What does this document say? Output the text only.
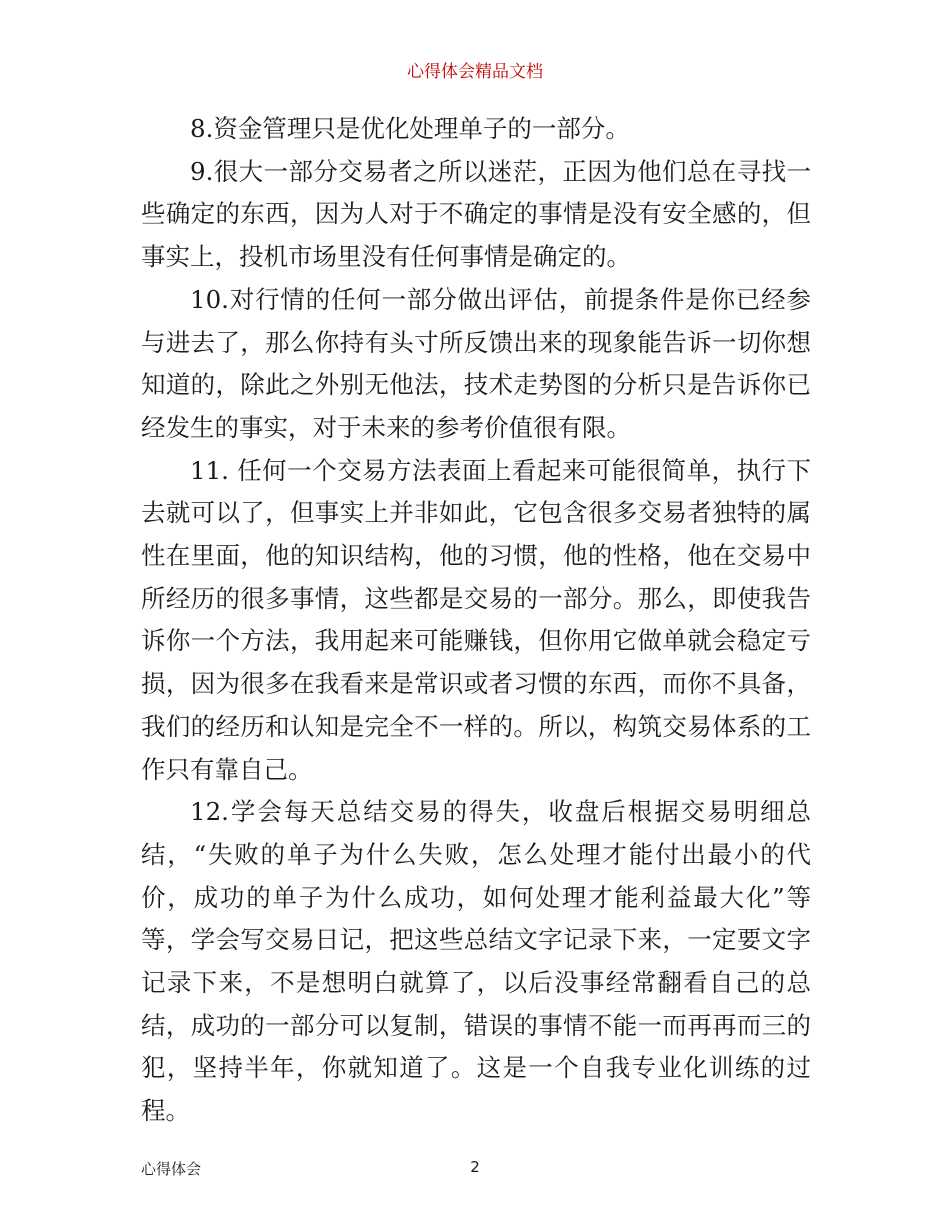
心得体会精品文档

8.资金管理只是优化处理单子的一部分。

9.很大一部分交易者之所以迷茫，正因为他们总在寻找一些确定的东西，因为人对于不确定的事情是没有安全感的，但事实上，投机市场里没有任何事情是确定的。

10.对行情的任何一部分做出评估，前提条件是你已经参与进去了，那么你持有头寸所反馈出来的现象能告诉一切你想知道的，除此之外别无他法，技术走势图的分析只是告诉你已经发生的事实，对于未来的参考价值很有限。

11. 任何一个交易方法表面上看起来可能很简单，执行下去就可以了，但事实上并非如此，它包含很多交易者独特的属性在里面，他的知识结构，他的习惯，他的性格，他在交易中所经历的很多事情，这些都是交易的一部分。那么，即使我告诉你一个方法，我用起来可能赚钱，但你用它做单就会稳定亏损，因为很多在我看来是常识或者习惯的东西，而你不具备，我们的经历和认知是完全不一样的。所以，构筑交易体系的工作只有靠自己。

12.学会每天总结交易的得失，收盘后根据交易明细总结，“失败的单子为什么失败，怎么处理才能付出最小的代价，成功的单子为什么成功，如何处理才能利益最大化”等等，学会写交易日记，把这些总结文字记录下来，一定要文字记录下来，不是想明白就算了，以后没事经常翻看自己的总结，成功的一部分可以复制，错误的事情不能一而再再而三的犯，坚持半年，你就知道了。这是一个自我专业化训练的过程。

心得体会	2
